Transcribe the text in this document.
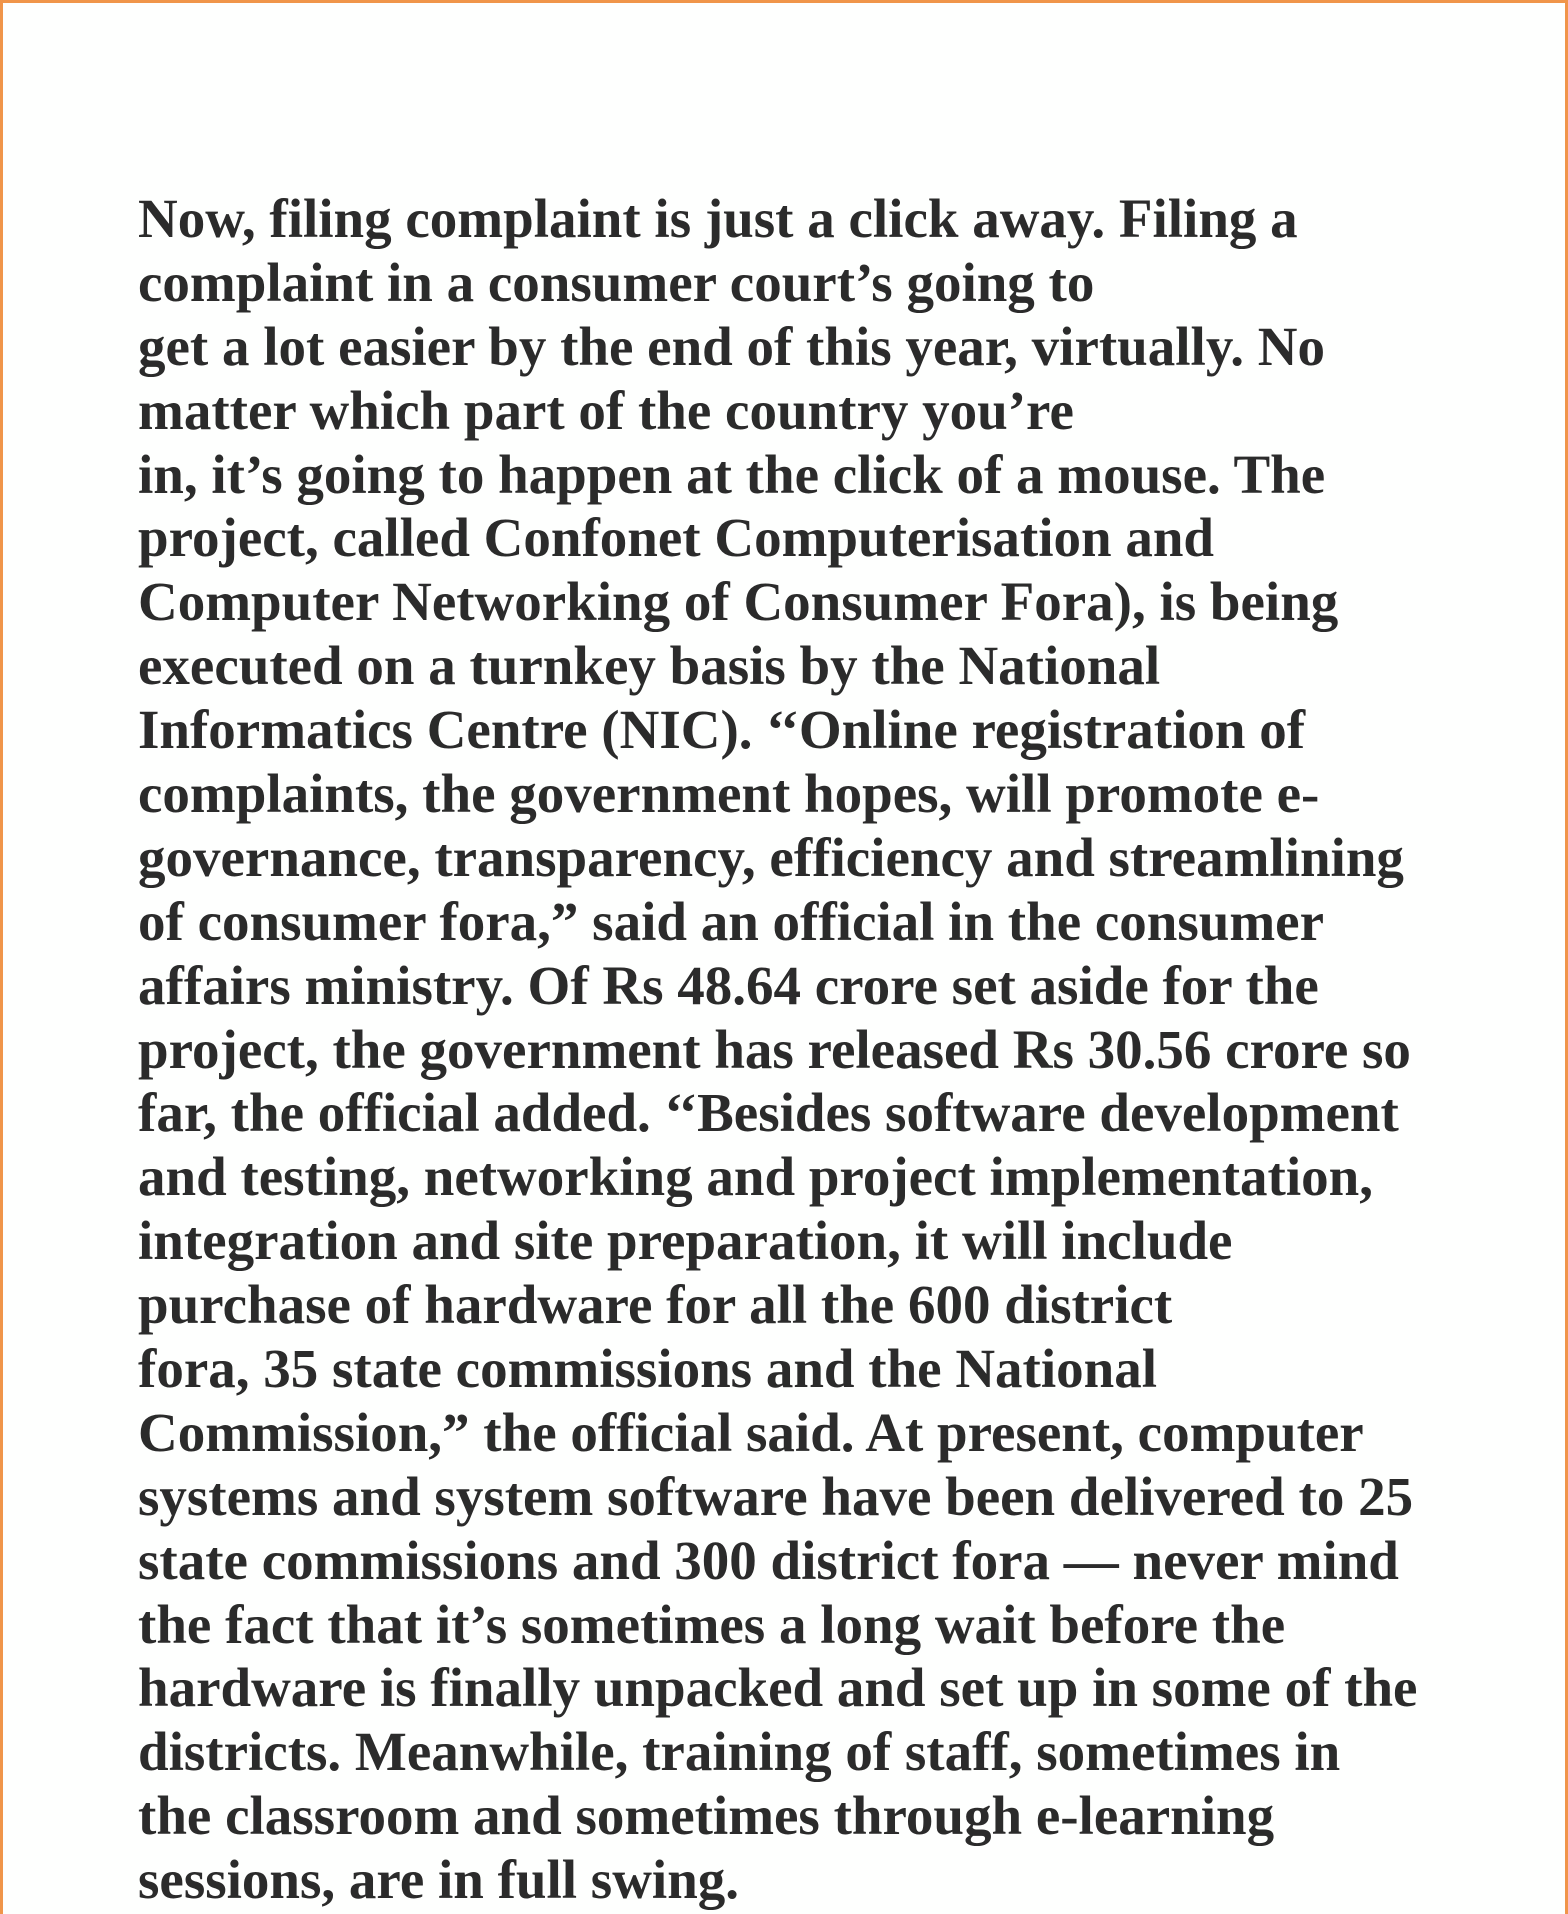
Now, filing complaint is just a click away. Filing a
complaint in a consumer court’s going to
get a lot easier by the end of this year, virtually. No
matter which part of the country you’re
in, it’s going to happen at the click of a mouse. The
project, called Confonet Computerisation and
Computer Networking of Consumer Fora), is being
executed on a turnkey basis by the National
Informatics Centre (NIC). ‘‘Online registration of
complaints, the government hopes, will promote e-
governance, transparency, efficiency and streamlining
of consumer fora,” said an official in the consumer
affairs ministry. Of Rs 48.64 crore set aside for the
project, the government has released Rs 30.56 crore so
far, the official added. ‘‘Besides software development
and testing, networking and project implementation,
integration and site preparation, it will include
purchase of hardware for all the 600 district
fora, 35 state commissions and the National
Commission,” the official said. At present, computer
systems and system software have been delivered to 25
state commissions and 300 district fora — never mind
the fact that it’s sometimes a long wait before the
hardware is finally unpacked and set up in some of the
districts. Meanwhile, training of staff, sometimes in
the classroom and sometimes through e-learning
sessions, are in full swing.
